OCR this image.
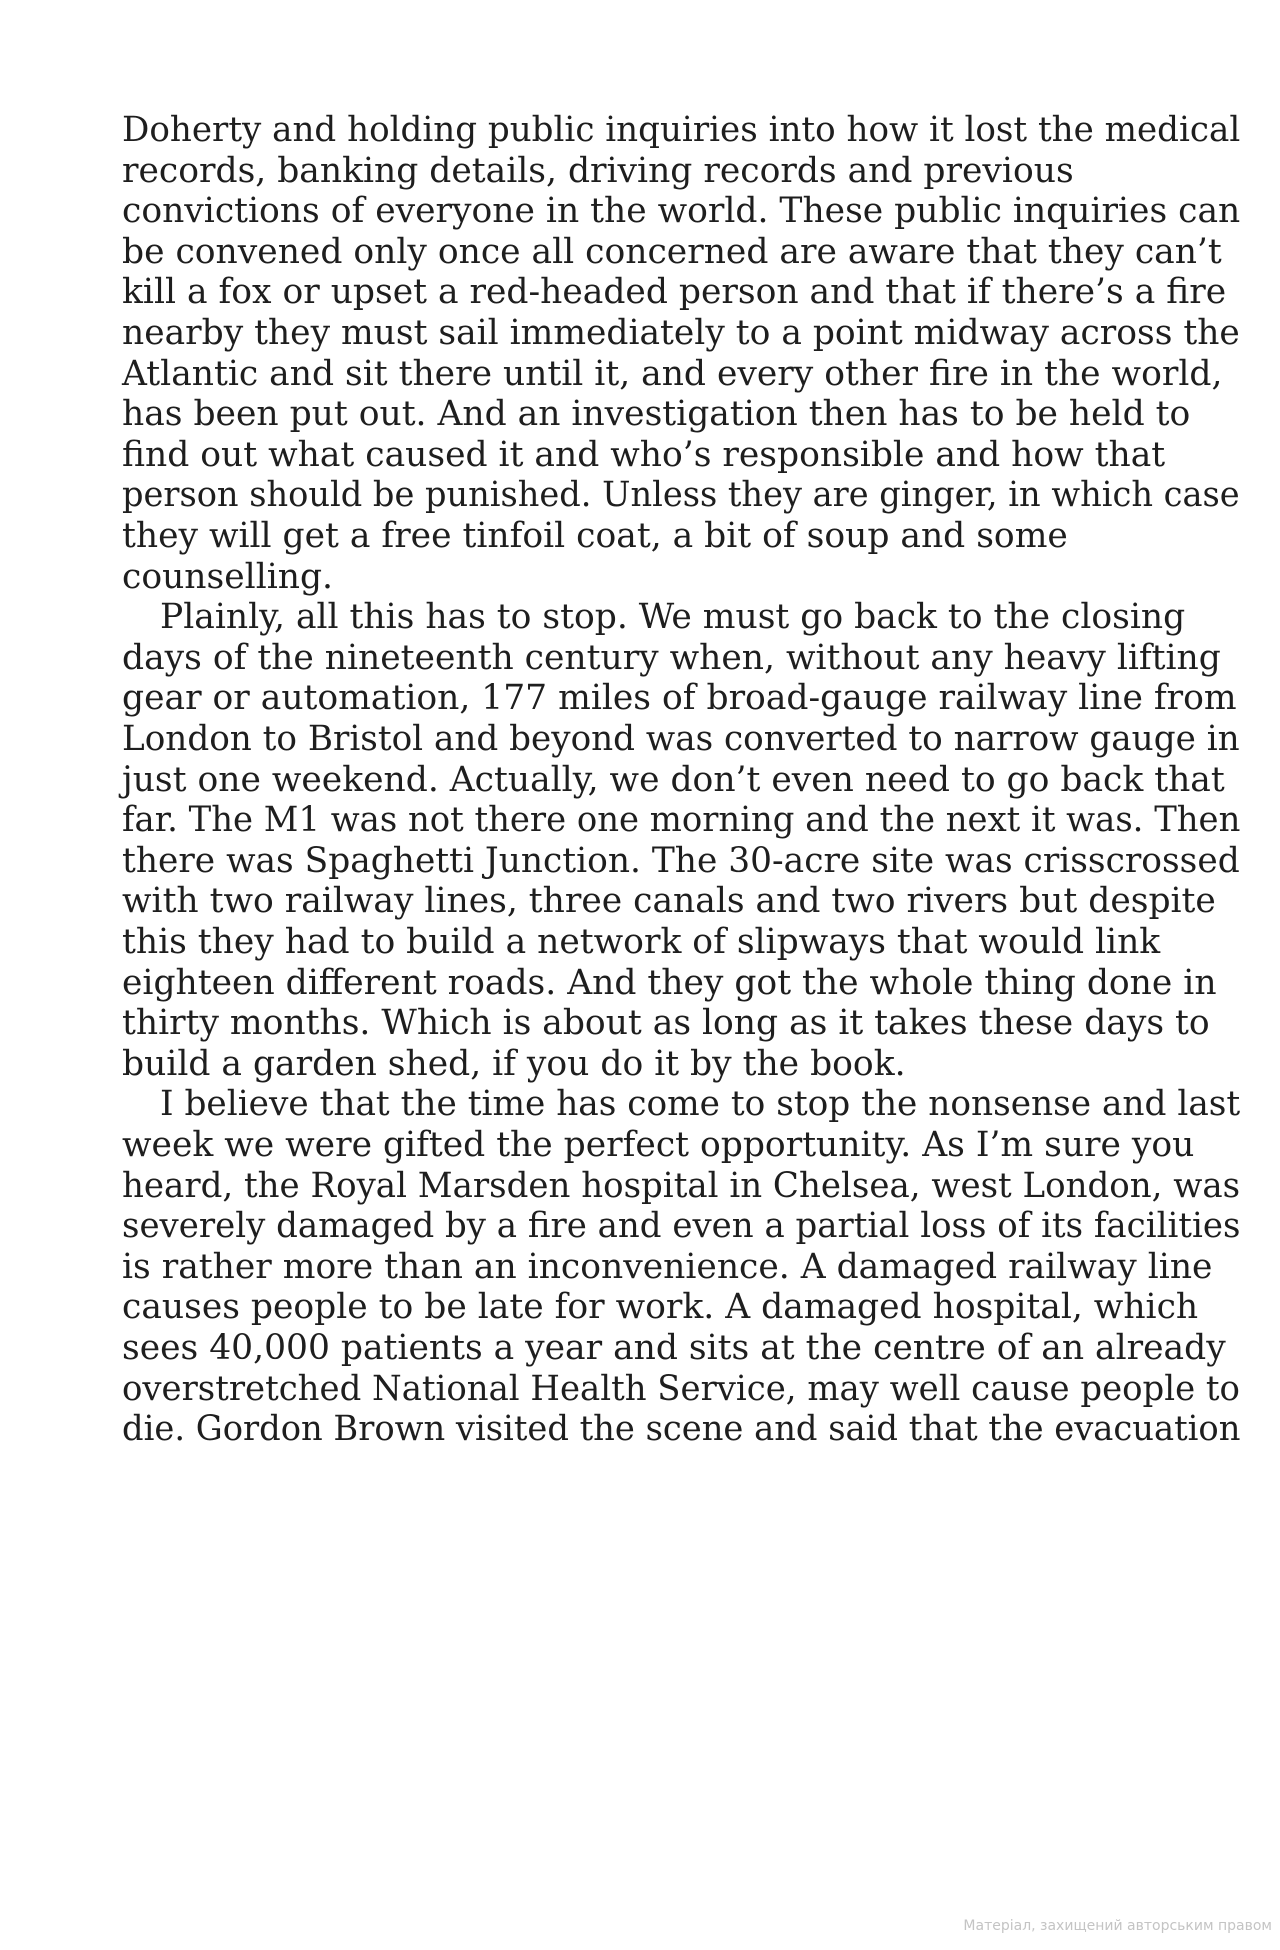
Doherty and holding public inquiries into how it lost the medical
records, banking details, driving records and previous
convictions of everyone in the world. These public inquiries can
be convened only once all concerned are aware that they can’t
kill a fox or upset a red-headed person and that if there’s a fire
nearby they must sail immediately to a point midway across the
Atlantic and sit there until it, and every other fire in the world,
has been put out. And an investigation then has to be held to
find out what caused it and who’s responsible and how that
person should be punished. Unless they are ginger, in which case
they will get a free tinfoil coat, a bit of soup and some
counselling.
Plainly, all this has to stop. We must go back to the closing
days of the nineteenth century when, without any heavy lifting
gear or automation, 177 miles of broad-gauge railway line from
London to Bristol and beyond was converted to narrow gauge in
just one weekend. Actually, we don’t even need to go back that
far. The M1 was not there one morning and the next it was. Then
there was Spaghetti Junction. The 30-acre site was crisscrossed
with two railway lines, three canals and two rivers but despite
this they had to build a network of slipways that would link
eighteen different roads. And they got the whole thing done in
thirty months. Which is about as long as it takes these days to
build a garden shed, if you do it by the book.
I believe that the time has come to stop the nonsense and last
week we were gifted the perfect opportunity. As I’m sure you
heard, the Royal Marsden hospital in Chelsea, west London, was
severely damaged by a fire and even a partial loss of its facilities
is rather more than an inconvenience. A damaged railway line
causes people to be late for work. A damaged hospital, which
sees 40,000 patients a year and sits at the centre of an already
overstretched National Health Service, may well cause people to
die. Gordon Brown visited the scene and said that the evacuation
Матеріал, захищений авторським правом
